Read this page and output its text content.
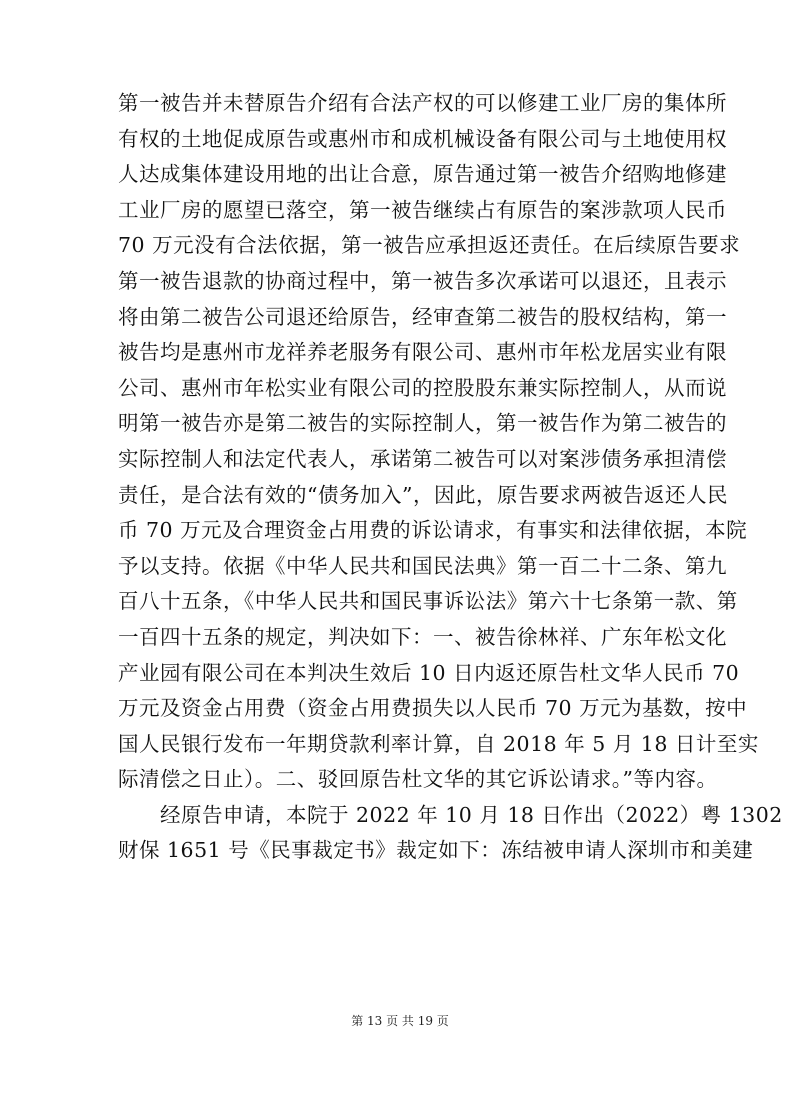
第一被告并未替原告介绍有合法产权的可以修建工业厂房的集体所
有权的土地促成原告或惠州市和成机械设备有限公司与土地使用权
人达成集体建设用地的出让合意，原告通过第一被告介绍购地修建
工业厂房的愿望已落空，第一被告继续占有原告的案涉款项人民币
70 万元没有合法依据，第一被告应承担返还责任。在后续原告要求
第一被告退款的协商过程中，第一被告多次承诺可以退还，且表示
将由第二被告公司退还给原告，经审查第二被告的股权结构，第一
被告均是惠州市龙祥养老服务有限公司、惠州市年松龙居实业有限
公司、惠州市年松实业有限公司的控股股东兼实际控制人，从而说
明第一被告亦是第二被告的实际控制人，第一被告作为第二被告的
实际控制人和法定代表人，承诺第二被告可以对案涉债务承担清偿
责任，是合法有效的“债务加入”，因此，原告要求两被告返还人民
币 70 万元及合理资金占用费的诉讼请求，有事实和法律依据，本院
予以支持。依据《中华人民共和国民法典》第一百二十二条、第九
百八十五条，《中华人民共和国民事诉讼法》第六十七条第一款、第
一百四十五条的规定，判决如下：一、被告徐林祥、广东年松文化
产业园有限公司在本判决生效后 10 日内返还原告杜文华人民币 70
万元及资金占用费（资金占用费损失以人民币 70 万元为基数，按中
国人民银行发布一年期贷款利率计算，自 2018 年 5 月 18 日计至实
际清偿之日止）。二、驳回原告杜文华的其它诉讼请求。”等内容。
经原告申请，本院于 2022 年 10 月 18 日作出（2022）粤 1302
财保 1651 号《民事裁定书》裁定如下：冻结被申请人深圳市和美建
第 13 页 共 19 页
